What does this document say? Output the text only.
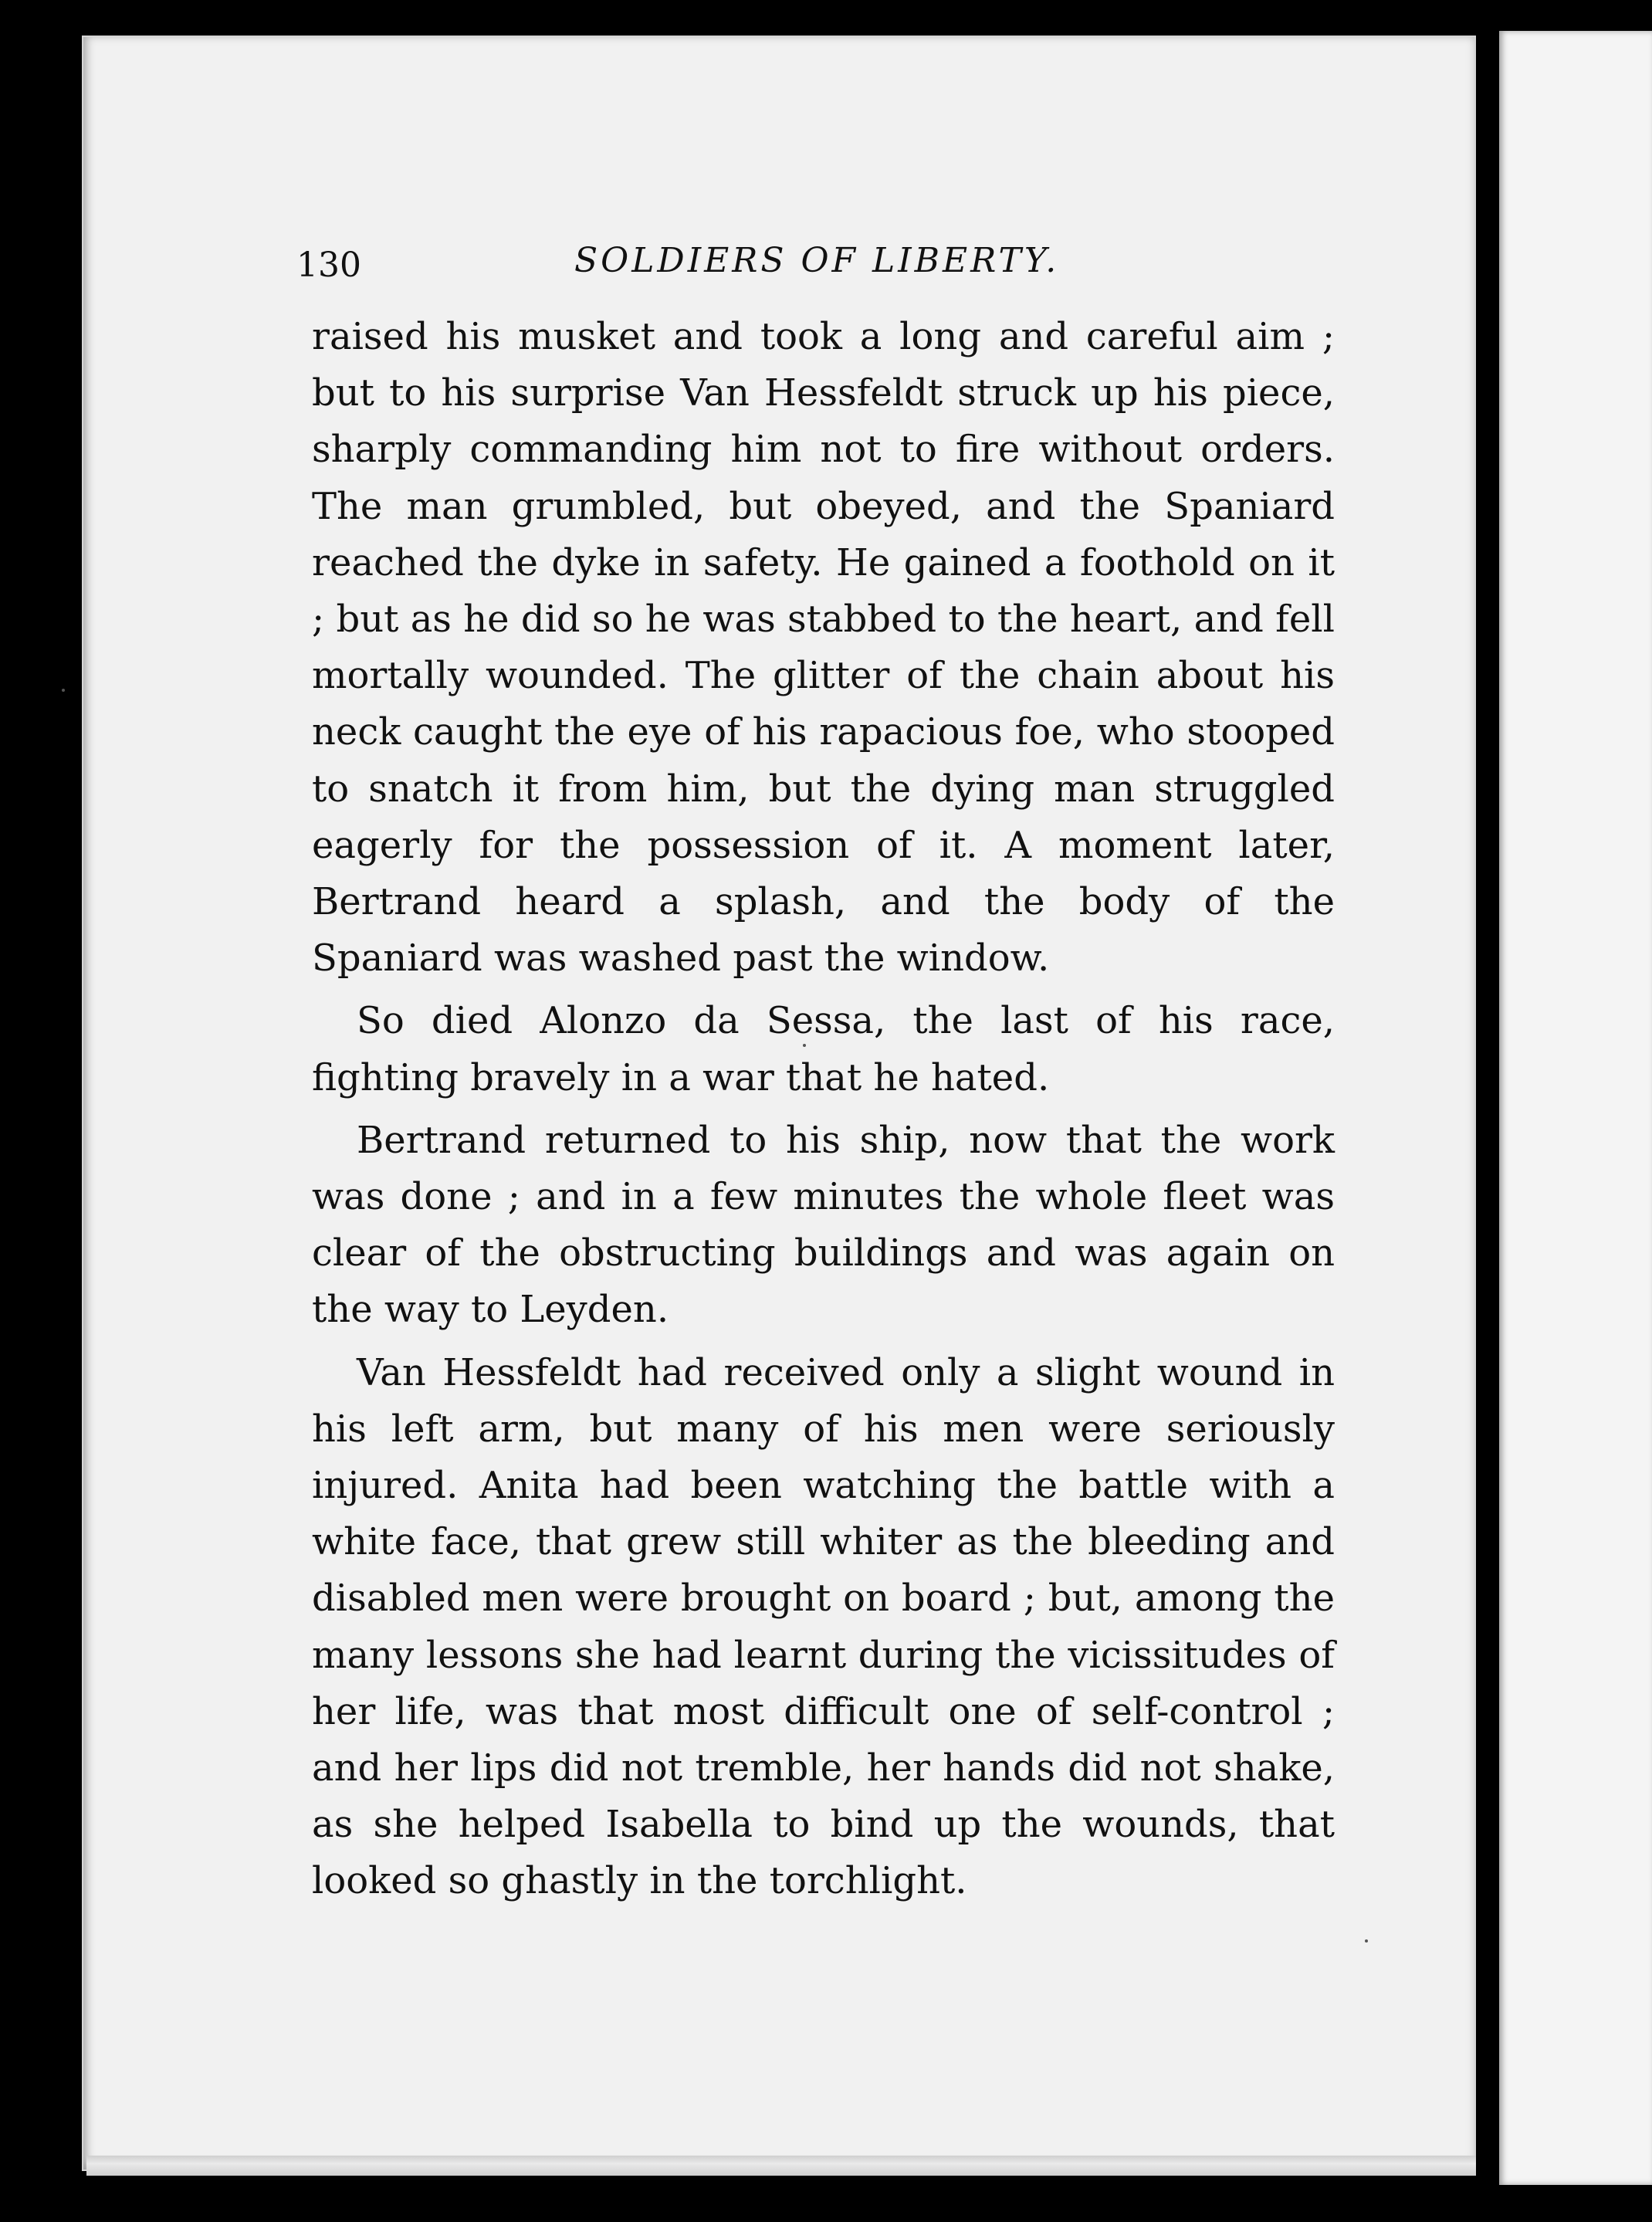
130	SOLDIERS OF LIBERTY.

raised his musket and took a long and careful aim ; but to his surprise Van Hessfeldt struck up his piece, sharply commanding him not to fire without orders. The man grumbled, but obeyed, and the Spaniard reached the dyke in safety. He gained a foothold on it ; but as he did so he was stabbed to the heart, and fell mortally wounded. The glitter of the chain about his neck caught the eye of his rapacious foe, who stooped to snatch it from him, but the dying man struggled eagerly for the possession of it. A moment later, Bertrand heard a splash, and the body of the Spaniard was washed past the window.

So died Alonzo da Sessa, the last of his race, fighting bravely in a war that he hated.

Bertrand returned to his ship, now that the work was done ; and in a few minutes the whole fleet was clear of the obstructing buildings and was again on the way to Leyden.

Van Hessfeldt had received only a slight wound in his left arm, but many of his men were seriously injured. Anita had been watching the battle with a white face, that grew still whiter as the bleeding and disabled men were brought on board ; but, among the many lessons she had learnt during the vicissitudes of her life, was that most difficult one of self-control ; and her lips did not tremble, her hands did not shake, as she helped Isabella to bind up the wounds, that looked so ghastly in the torchlight.
